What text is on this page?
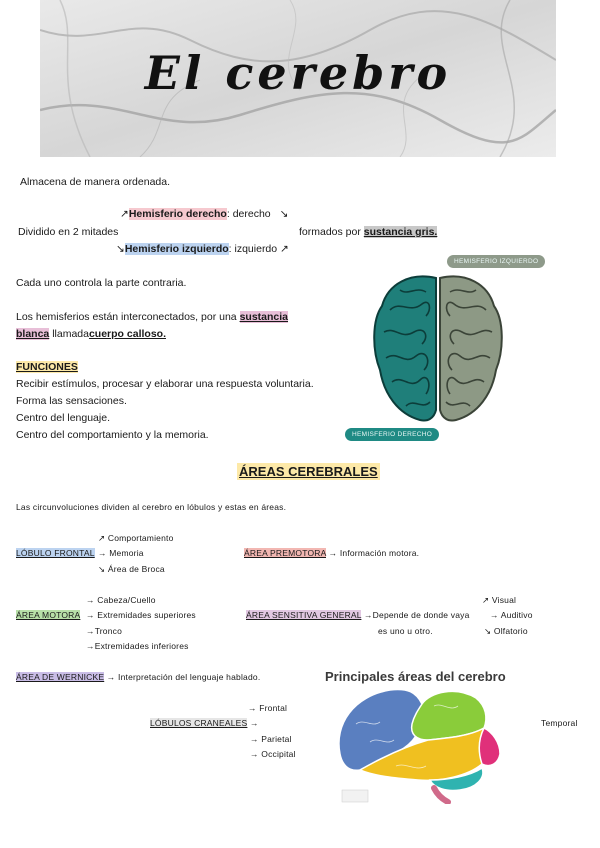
El cerebro
Almacena de manera ordenada.
↗Hemisferio derecho: derecho ↘
Dividido en 2 mitades	formados por sustancia gris.
↘Hemisferio izquierdo: izquierdo ↗
Cada uno controla la parte contraria.
Los hemisferios están interconectados, por una sustancia
blanca llamadacuerpo calloso.
FUNCIONES
Recibir estímulos, procesar y elaborar una respuesta voluntaria.
Forma las sensaciones.
Centro del lenguaje.
Centro del comportamiento y la memoria.
HEMISFERIO IZQUIERDO
HEMISFERIO DERECHO
ÁREAS CEREBRALES
Las circunvoluciones dividen al cerebro en lóbulos y estas en áreas.
↗ Comportamiento
LÓBULO FRONTAL → Memoria
↘ Área de Broca
ÁREA PREMOTORA → Información motora.
→ Cabeza/Cuello
ÁREA MOTORA → Extremidades superiores
→Tronco
→Extremidades inferiores
↗ Visual
ÁREA SENSITIVA GENERAL →Depende de donde vaya → Auditivo
es uno u otro.	↘ Olfatorio
ÁREA DE WERNICKE → Interpretación del lenguaje hablado.
→ Frontal
LÓBULOS CRANEALES →
→ Parietal
→ Occipital
Temporal
Principales áreas del cerebro
